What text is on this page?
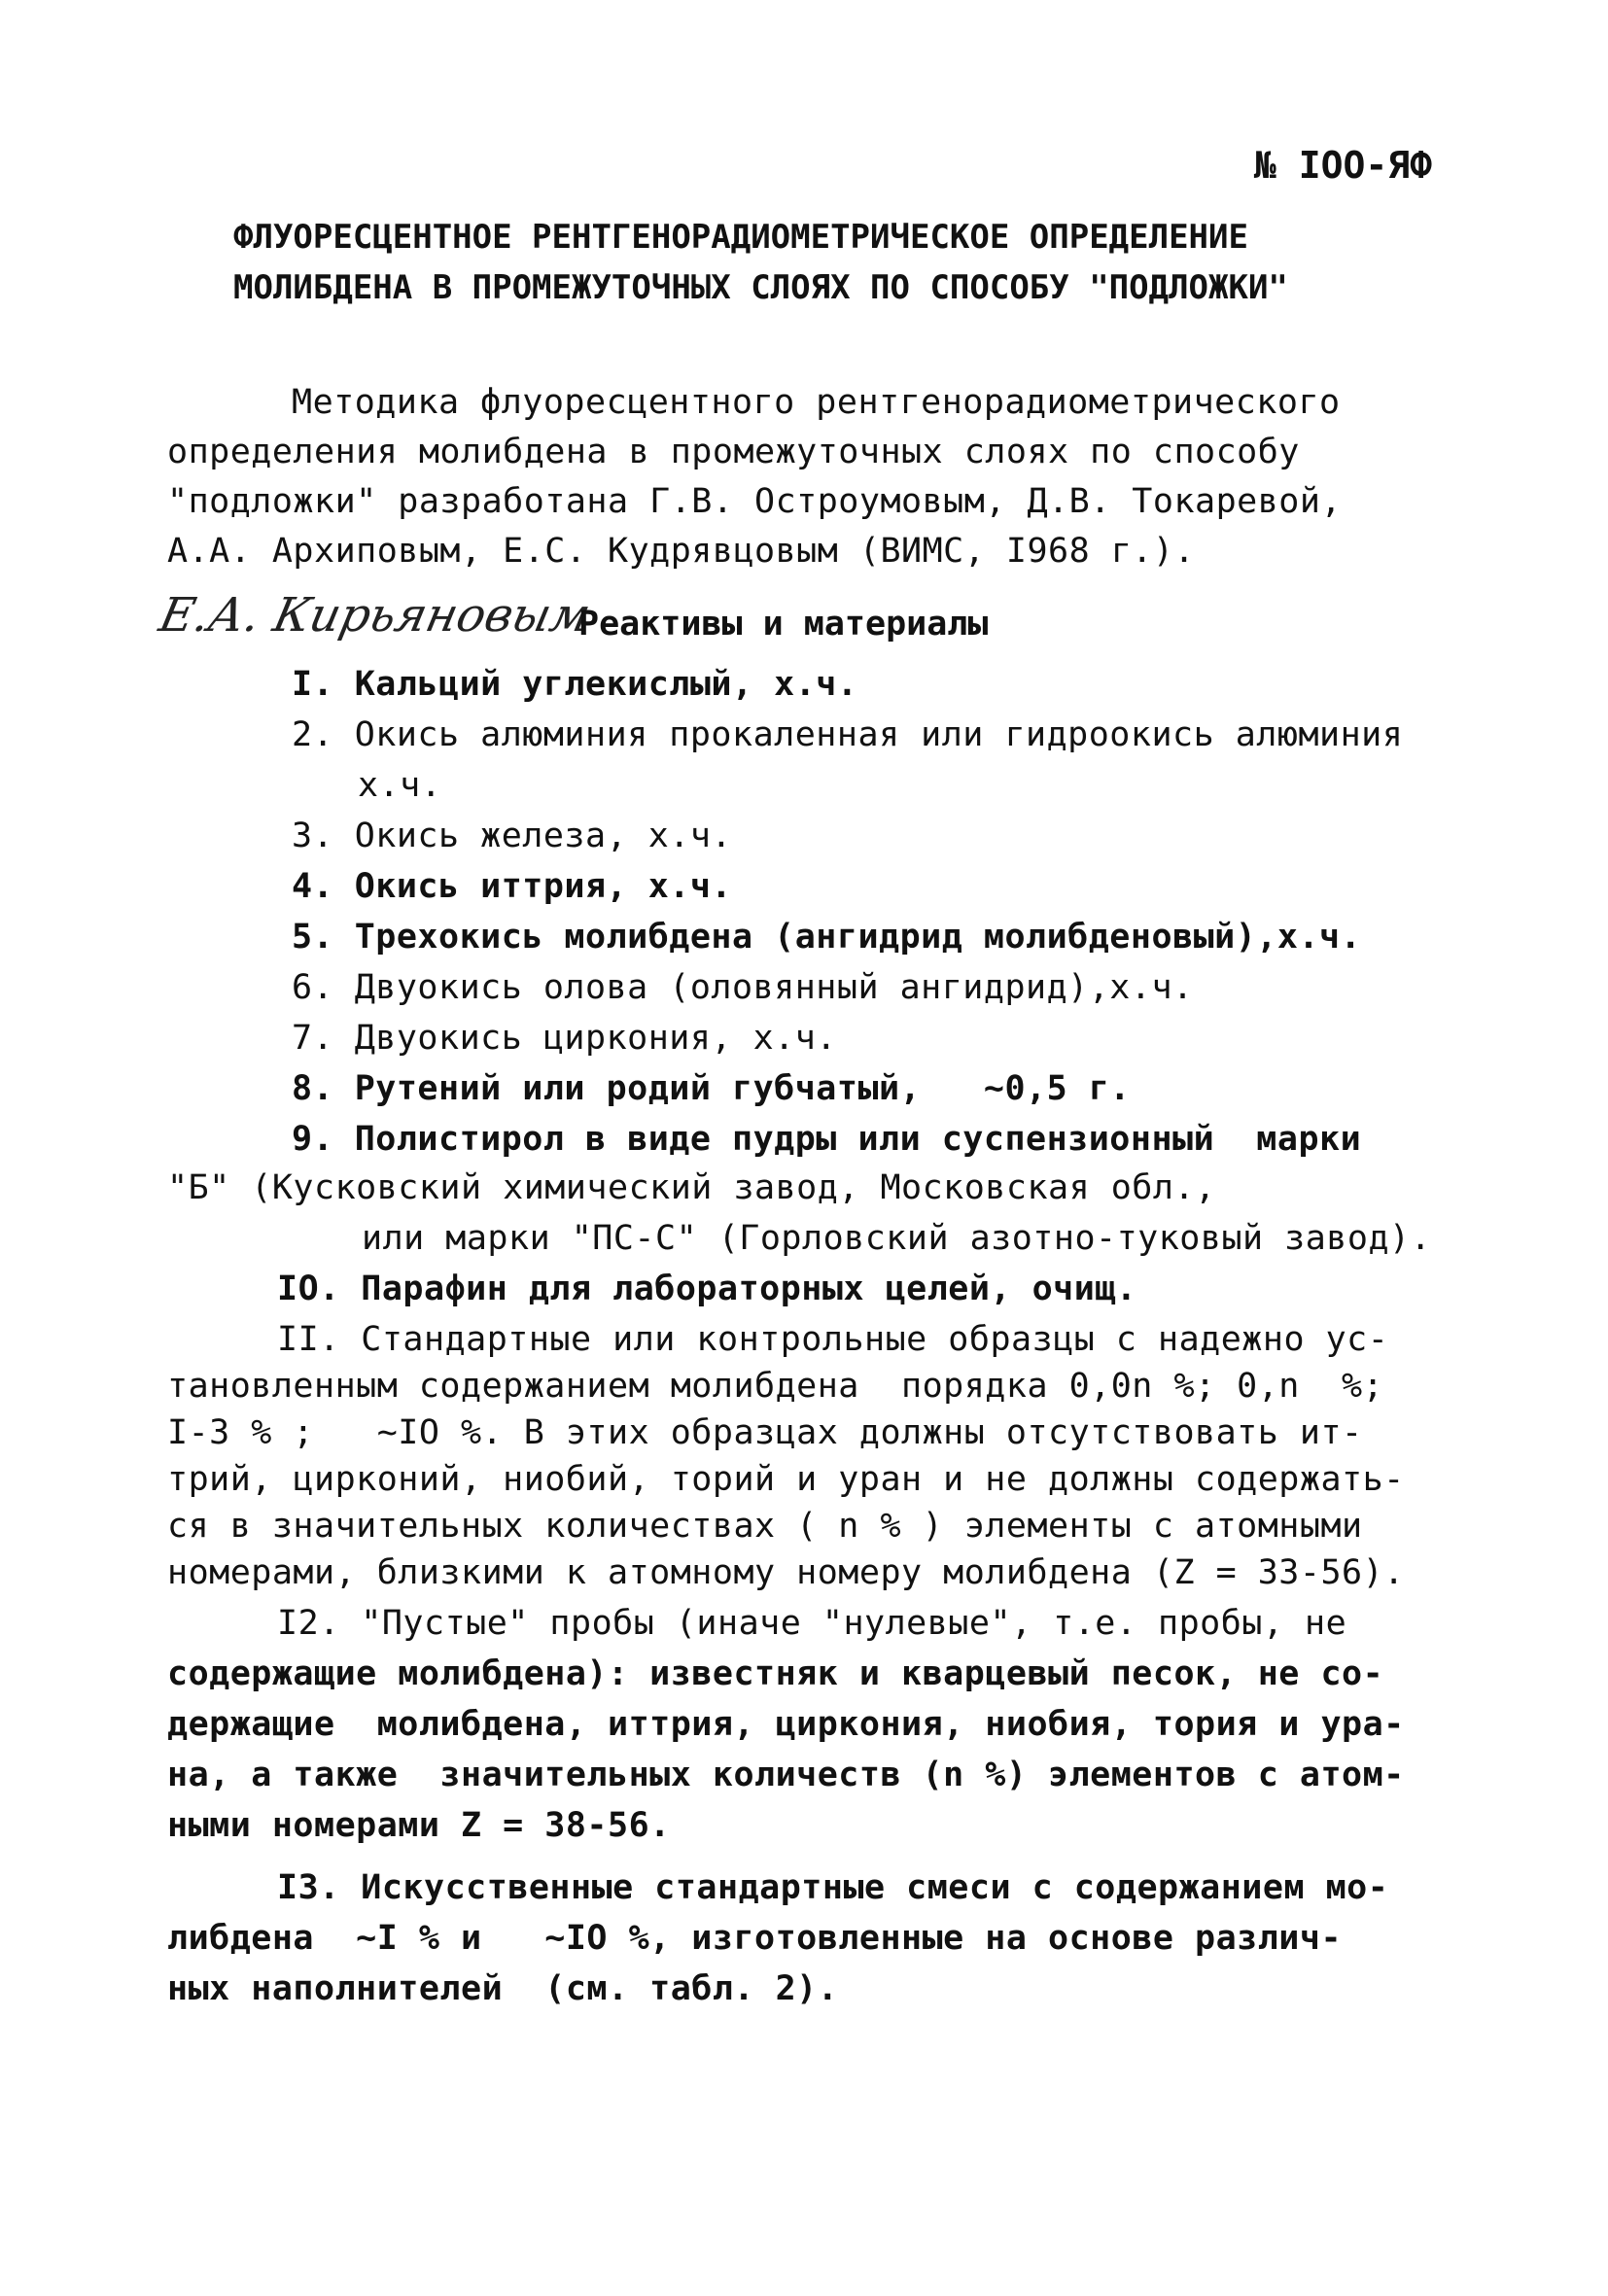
№ IOO-ЯФ
ФЛУОРЕСЦЕНТНОЕ РЕНТГЕНОРАДИОМЕТРИЧЕСКОЕ ОПРЕДЕЛЕНИЕ
МОЛИБДЕНА В ПРОМЕЖУТОЧНЫХ СЛОЯХ ПО СПОСОБУ "ПОДЛОЖКИ"
Методика флуоресцентного рентгенорадиометрического
определения молибдена в промежуточных слоях по способу
"подложки" разработана Г.В. Остроумовым, Д.В. Токаревой,
А.А. Архиповым, Е.С. Кудрявцовым (ВИМС, I968 г.).
Е.А. Кирьяновым
Реактивы и материалы
I. Кальций углекислый, х.ч.
2. Окись алюминия прокаленная или гидроокись алюминия
х.ч.
3. Окись железа, х.ч.
4. Окись иттрия, х.ч.
5. Трехокись молибдена (ангидрид молибденовый),х.ч.
6. Двуокись олова (оловянный ангидрид),х.ч.
7. Двуокись циркония, х.ч.
8. Рутений или родий губчатый,   ~0,5 г.
9. Полистирол в виде пудры или суспензионный  марки
"Б" (Кусковский химический завод, Московская обл.,
или марки "ПС-С" (Горловский азотно-туковый завод).
IO. Парафин для лабораторных целей, очищ.
II. Стандартные или контрольные образцы с надежно ус-
тановленным содержанием молибдена  порядка 0,0n %; 0,n  %;
I-3 % ;   ~IO %. В этих образцах должны отсутствовать ит-
трий, цирконий, ниобий, торий и уран и не должны содержать-
ся в значительных количествах ( n % ) элементы с атомными
номерами, близкими к атомному номеру молибдена (Z = 33-56).
I2. "Пустые" пробы (иначе "нулевые", т.е. пробы, не
содержащие молибдена): известняк и кварцевый песок, не со-
держащие  молибдена, иттрия, циркония, ниобия, тория и ура-
на, а также  значительных количеств (n %) элементов с атом-
ными номерами Z = 38-56.
I3. Искусственные стандартные смеси с содержанием мо-
либдена  ~I % и   ~IO %, изготовленные на основе различ-
ных наполнителей  (см. табл. 2).
